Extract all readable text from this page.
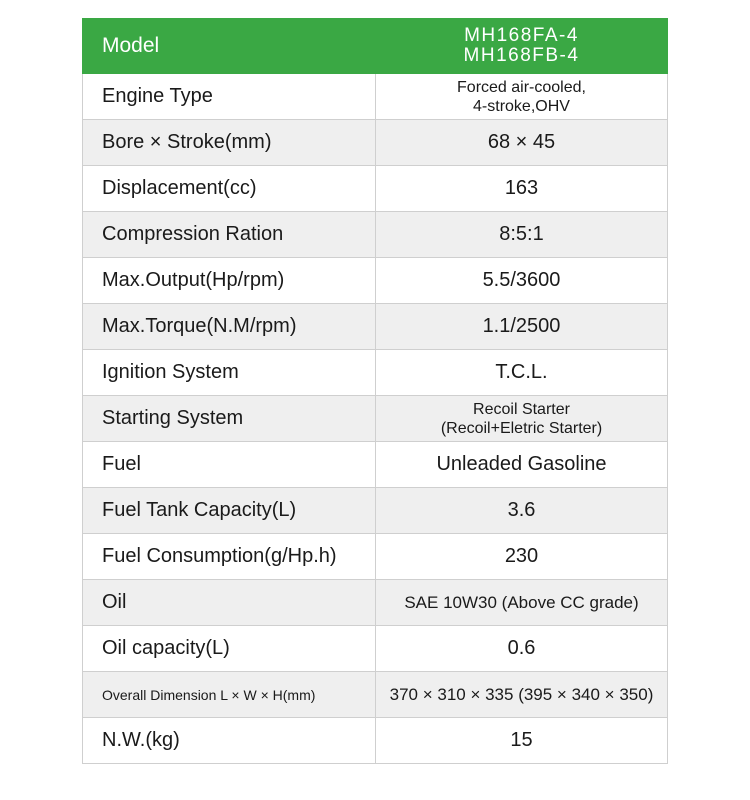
Model	MH168FA-4
MH168FB-4

Engine Type	Forced air-cooled,
4-stroke,OHV

Bore × Stroke(mm)	68 × 45
Displacement(cc)	163
Compression Ration	8:5:1
Max.Output(Hp/rpm)	5.5/3600
Max.Torque(N.M/rpm)	1.1/2500
Ignition System	T.C.L.
Starting System	Recoil Starter
(Recoil+Eletric Starter)

Fuel	Unleaded Gasoline
Fuel Tank Capacity(L)	3.6
Fuel Consumption(g/Hp.h)	230
Oil	SAE 10W30 (Above CC grade)
Oil capacity(L)	0.6
Overall Dimension L × W × H(mm)	370 × 310 × 335 (395 × 340 × 350)
N.W.(kg)	15
